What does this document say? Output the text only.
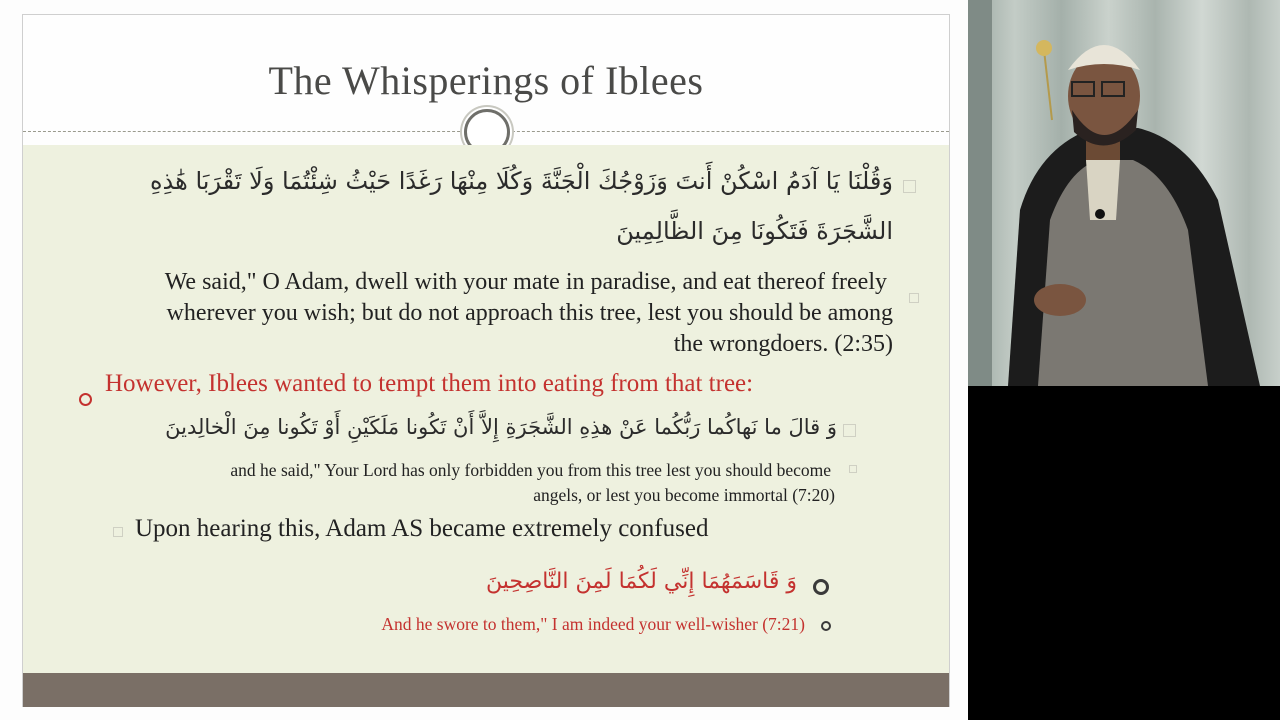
The Whisperings of Iblees
وَقُلْنَا يَا آدَمُ اسْكُنْ أَنتَ وَزَوْجُكَ الْجَنَّةَ وَكُلَا مِنْهَا رَغَدًا حَيْثُ شِئْتُمَا وَلَا تَقْرَبَا هَٰذِهِ
الشَّجَرَةَ فَتَكُونَا مِنَ الظَّالِمِينَ
We said," O Adam, dwell with your mate in paradise, and eat thereof freely
wherever you wish; but do not approach this tree, lest you should be among
the wrongdoers. (2:35)
However, Iblees wanted to tempt them into eating from that tree:
وَ قالَ ما نَهاكُما رَبُّكُما عَنْ هذِهِ الشَّجَرَةِ إِلاَّ أَنْ تَكُونا مَلَكَيْنِ أَوْ تَكُونا مِنَ الْخالِدينَ
and he said," Your Lord has only forbidden you from this tree lest you should become
angels, or lest you become immortal (7:20)
Upon hearing this, Adam AS became extremely confused
وَ قَاسَمَهُمَا إِنِّي لَكُمَا لَمِنَ النَّاصِحِينَ
And he swore to them," I am indeed your well-wisher (7:21)
